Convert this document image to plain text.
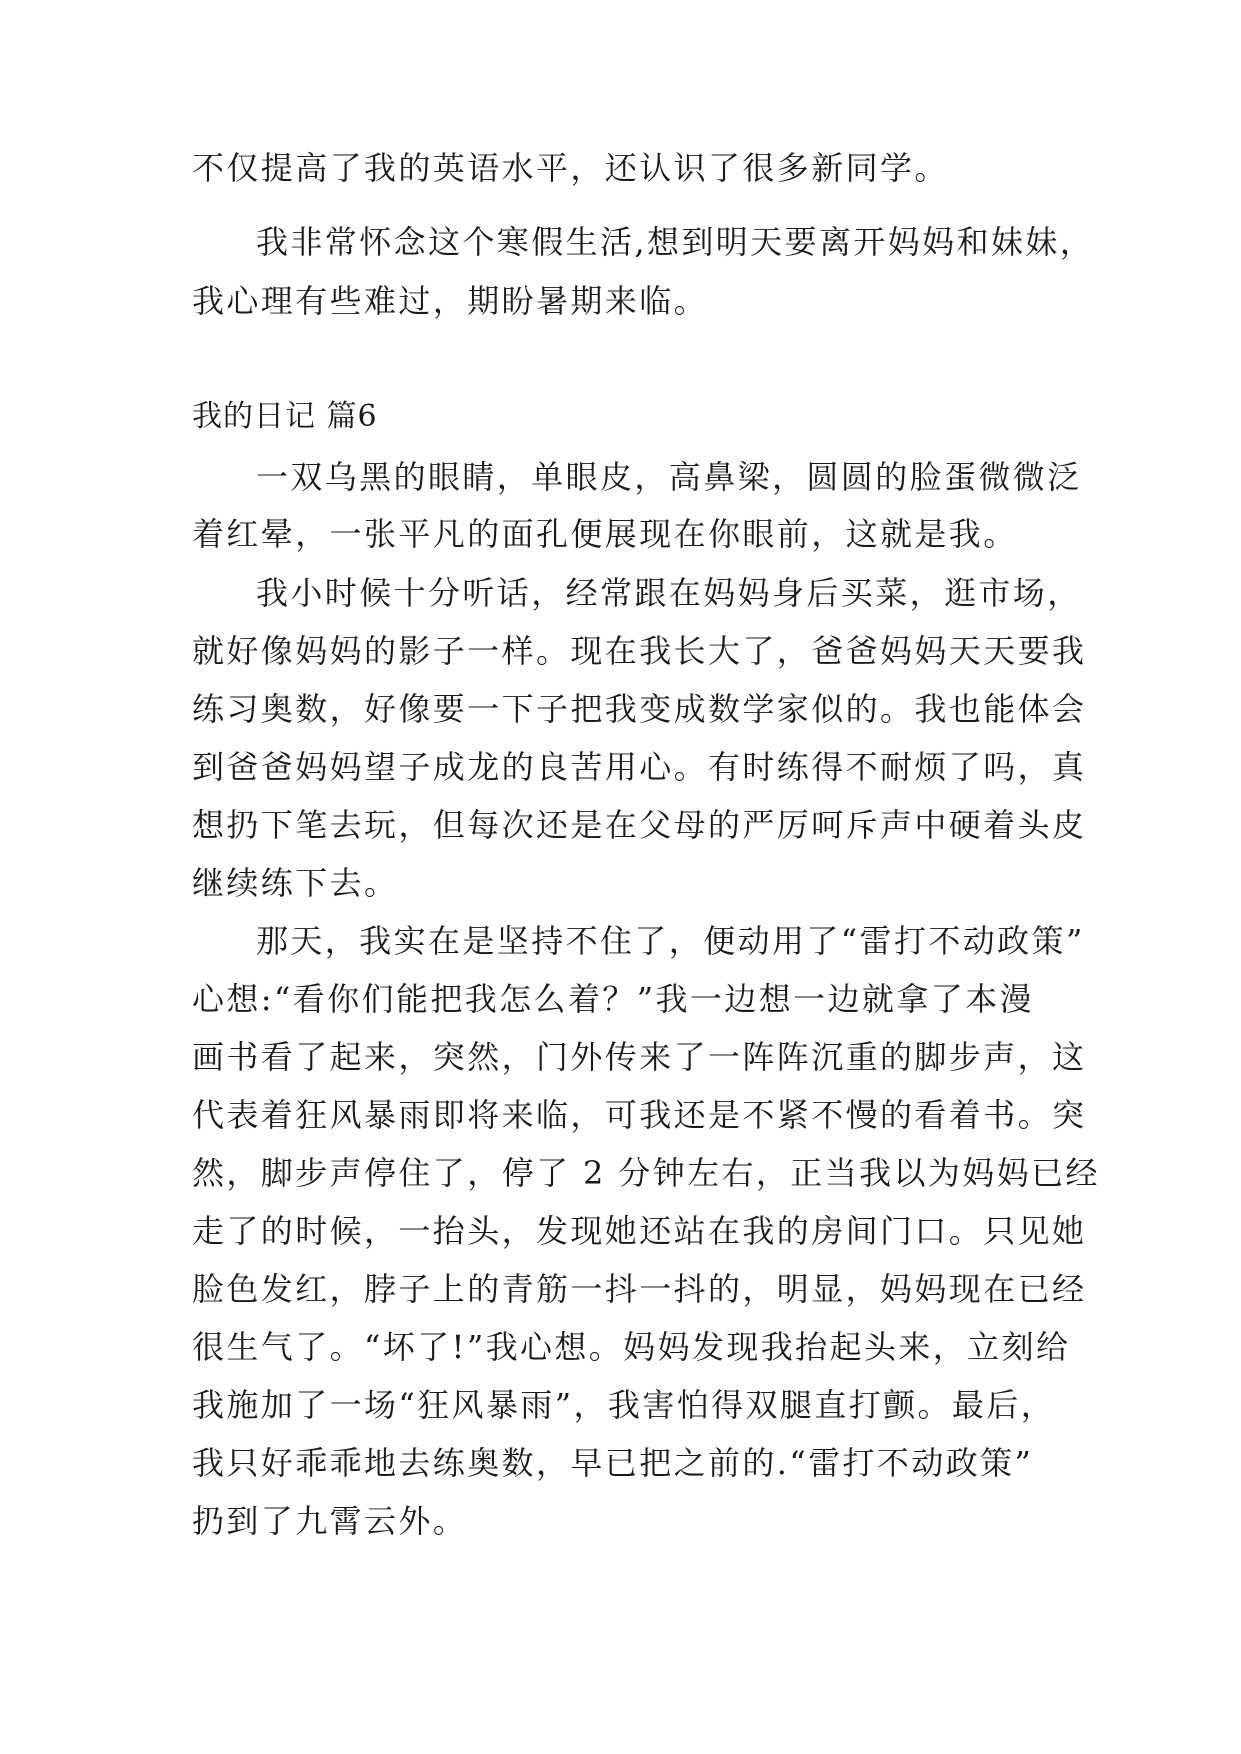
不仅提高了我的英语水平，还认识了很多新同学。
我非常怀念这个寒假生活,想到明天要离开妈妈和妹妹，
我心理有些难过，期盼暑期来临。
我的日记 篇6
一双乌黑的眼睛，单眼皮，高鼻梁，圆圆的脸蛋微微泛
着红晕，一张平凡的面孔便展现在你眼前，这就是我。
我小时候十分听话，经常跟在妈妈身后买菜，逛市场，
就好像妈妈的影子一样。现在我长大了，爸爸妈妈天天要我
练习奥数，好像要一下子把我变成数学家似的。我也能体会
到爸爸妈妈望子成龙的良苦用心。有时练得不耐烦了吗，真
想扔下笔去玩，但每次还是在父母的严厉呵斥声中硬着头皮
继续练下去。
那天，我实在是坚持不住了，便动用了“雷打不动政策”
心想:“看你们能把我怎么着？”我一边想一边就拿了本漫
画书看了起来，突然，门外传来了一阵阵沉重的脚步声，这
代表着狂风暴雨即将来临，可我还是不紧不慢的看着书。突
然，脚步声停住了，停了 2 分钟左右，正当我以为妈妈已经
走了的时候，一抬头，发现她还站在我的房间门口。只见她
脸色发红，脖子上的青筋一抖一抖的，明显，妈妈现在已经
很生气了。“坏了!”我心想。妈妈发现我抬起头来，立刻给
我施加了一场“狂风暴雨”，我害怕得双腿直打颤。最后，
我只好乖乖地去练奥数，早已把之前的.“雷打不动政策”
扔到了九霄云外。
